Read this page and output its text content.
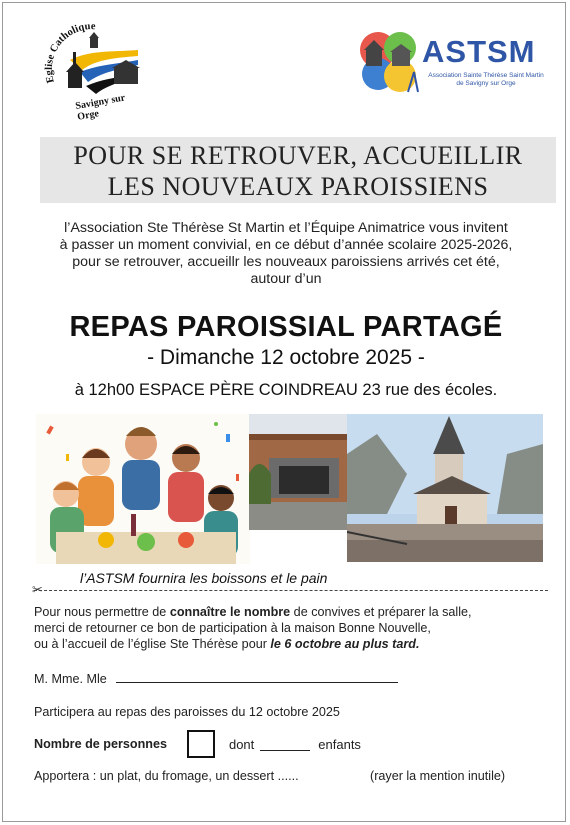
Eglise Catholique
Savigny sur Orge
ASTSM
Association Sainte Thérèse Saint Martin
de Savigny sur Orge
POUR SE RETROUVER, ACCUEILLIR
LES NOUVEAUX PAROISSIENS
l’Association Ste Thérèse St Martin et l’Équipe Animatrice vous invitent
à passer un moment convivial, en ce début d’année scolaire 2025-2026,
pour se retrouver, accueillr les nouveaux paroissiens arrivés cet été,
autour d’un
REPAS PAROISSIAL PARTAGÉ
- Dimanche 12 octobre 2025 -
à 12h00 ESPACE PÈRE COINDREAU 23 rue des écoles.
l’ASTSM fournira les boissons et le pain
✂
Pour nous permettre de connaître le nombre de convives et préparer la salle,
merci de retourner ce bon de participation à la maison Bonne Nouvelle,
ou à l’accueil de l’église Ste Thérèse pour le 6 octobre au plus tard.
M. Mme. Mle
Participera au repas des paroisses du 12 octobre 2025
Nombre de personnes	dont	enfants
Apportera : un plat, du fromage, un dessert ......	(rayer la mention inutile)
